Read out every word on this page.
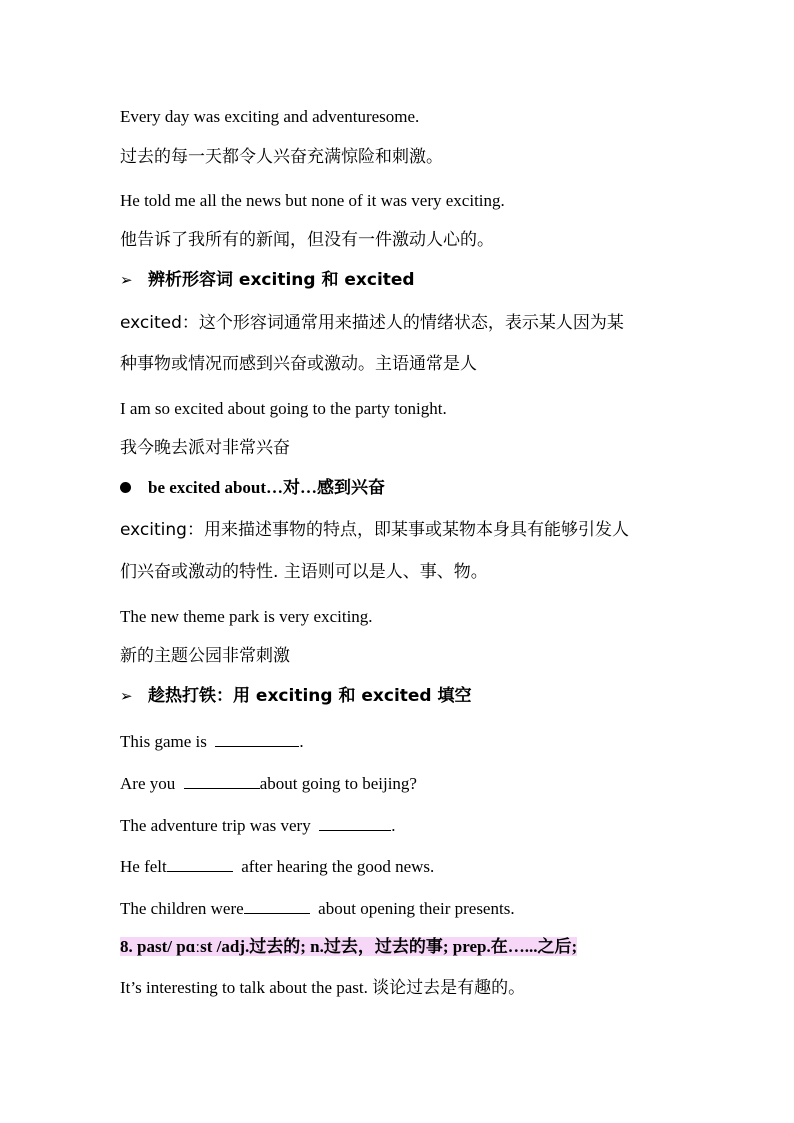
Every day was exciting and adventuresome.
过去的每一天都令人兴奋充满惊险和刺激。
He told me all the news but none of it was very exciting.
他告诉了我所有的新闻，但没有一件激动人心的。
➢ 辨析形容词 exciting 和 excited
excited：这个形容词通常用来描述人的情绪状态，表示某人因为某
种事物或情况而感到兴奋或激动。主语通常是人
I am so excited about going to the party tonight.
我今晚去派对非常兴奋
be excited about…对…感到兴奋
exciting：用来描述事物的特点，即某事或某物本身具有能够引发人
们兴奋或激动的特性. 主语则可以是人、事、物。
The new theme park is very exciting.
新的主题公园非常刺激
➢ 趁热打铁：用 exciting 和 excited 填空
This game is	.
Are you	about going to beijing?
The adventure trip was very	.
He felt	after hearing the good news.
The children were	about opening their presents.
8. past/ pɑːst /adj.过去的; n.过去，过去的事; prep.在…...之后;
It’s interesting to talk about the past. 谈论过去是有趣的。
